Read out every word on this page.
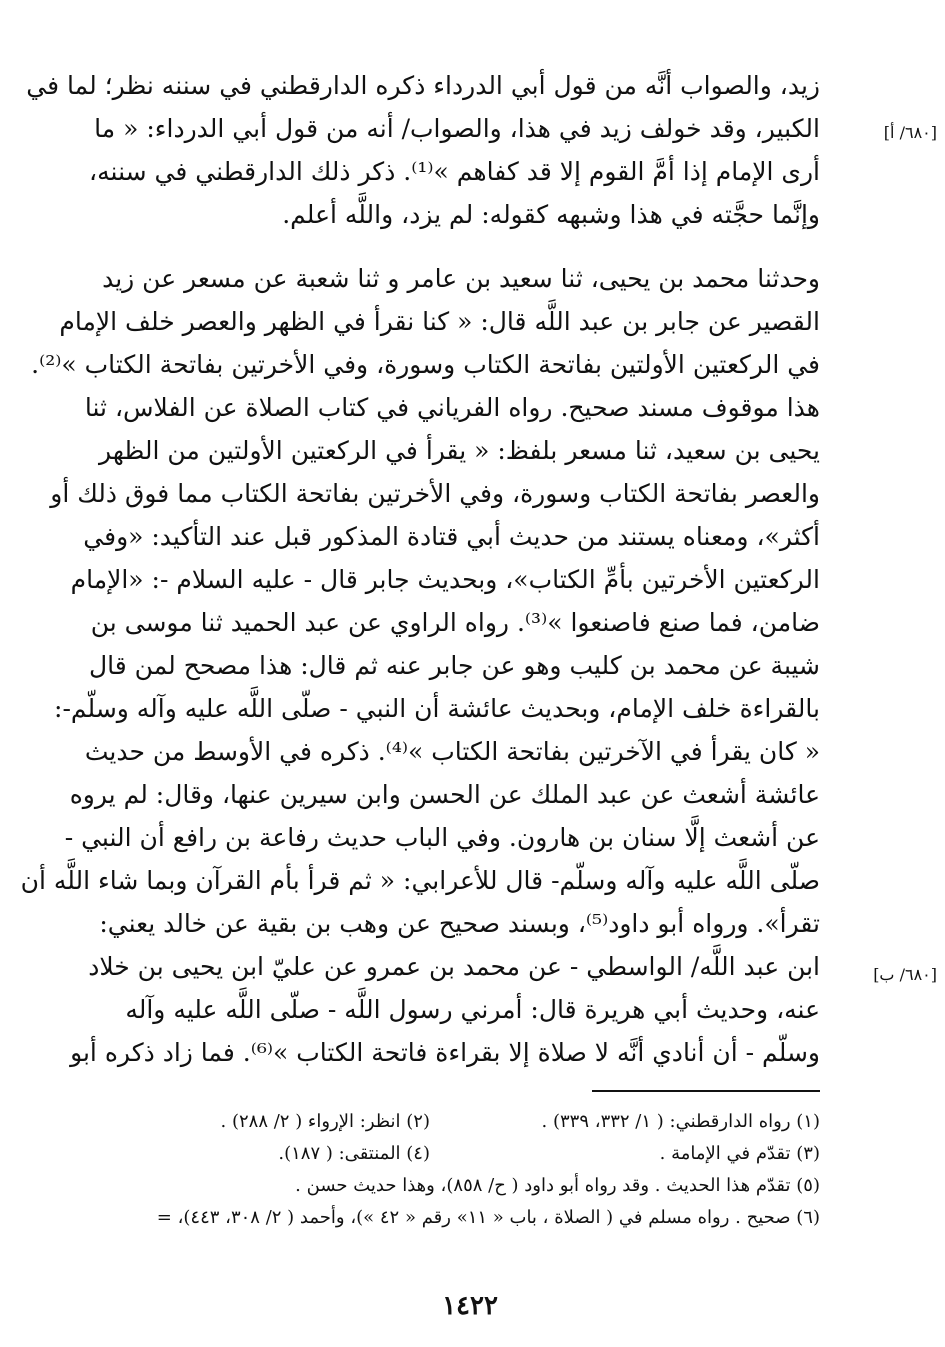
[٦٨٠/ أ]
[٦٨٠/ ب]
زيد، والصواب أنَّه من قول أبي الدرداء ذكره الدارقطني في سننه نظر؛ لما في
الكبير، وقد خولف زيد في هذا، والصواب/ أنه من قول أبي الدرداء: « ما
أرى الإمام إذا أمَّ القوم إلا قد كفاهم »⁽¹⁾. ذكر ذلك الدارقطني في سننه،
وإنَّما حجَّته في هذا وشبهه كقوله: لم يزد، واللَّه أعلم.
وحدثنا محمد بن يحيى، ثنا سعيد بن عامر و ثنا شعبة عن مسعر عن زيد
القصير عن جابر بن عبد اللَّه قال: « كنا نقرأ في الظهر والعصر خلف الإمام
في الركعتين الأولتين بفاتحة الكتاب وسورة، وفي الأخرتين بفاتحة الكتاب »⁽²⁾.
هذا موقوف مسند صحيح. رواه الفرياني في كتاب الصلاة عن الفلاس، ثنا
يحيى بن سعيد، ثنا مسعر بلفظ: « يقرأ في الركعتين الأولتين من الظهر
والعصر بفاتحة الكتاب وسورة، وفي الأخرتين بفاتحة الكتاب مما فوق ذلك أو
أكثر»، ومعناه يستند من حديث أبي قتادة المذكور قبل عند التأكيد: «وفي
الركعتين الأخرتين بأمِّ الكتاب»، وبحديث جابر قال - عليه السلام -: «الإمام
ضامن، فما صنع فاصنعوا »⁽³⁾. رواه الراوي عن عبد الحميد ثنا موسى بن
شيبة عن محمد بن كليب وهو عن جابر عنه ثم قال: هذا مصحح لمن قال
بالقراءة خلف الإمام، وبحديث عائشة أن النبي - صلّى اللَّه عليه وآله وسلّم-:
« كان يقرأ في الآخرتين بفاتحة الكتاب »⁽⁴⁾. ذكره في الأوسط من حديث
عائشة أشعث عن عبد الملك عن الحسن وابن سيرين عنها، وقال: لم يروه
عن أشعث إلَّا سنان بن هارون. وفي الباب حديث رفاعة بن رافع أن النبي -
صلّى اللَّه عليه وآله وسلّم- قال للأعرابي: « ثم قرأ بأم القرآن وبما شاء اللَّه أن
تقرأ». ورواه أبو داود⁽⁵⁾، وبسند صحيح عن وهب بن بقية عن خالد يعني:
ابن عبد اللَّه/ الواسطي - عن محمد بن عمرو عن عليّ ابن يحيى بن خلاد
عنه، وحديث أبي هريرة قال: أمرني رسول اللَّه - صلّى اللَّه عليه وآله
وسلّم - أن أنادي أنَّه لا صلاة إلا بقراءة فاتحة الكتاب »⁽⁶⁾. فما زاد ذكره أبو
(١) رواه الدارقطني: ( ١/ ٣٣٢، ٣٣٩) .
(٢) انظر: الإرواء ( ٢/ ٢٨٨) .
(٣) تقدّم في الإمامة .
(٤) المنتقى: ( ١٨٧).
(٥) تقدّم هذا الحديث . وقد رواه أبو داود ( ح/ ٨٥٨)، وهذا حديث حسن .
(٦) صحيح . رواه مسلم في ( الصلاة ، باب « ١١» رقم « ٤٢ »)، وأحمد ( ٢/ ٣٠٨، ٤٤٣)، =
١٤٢٢
